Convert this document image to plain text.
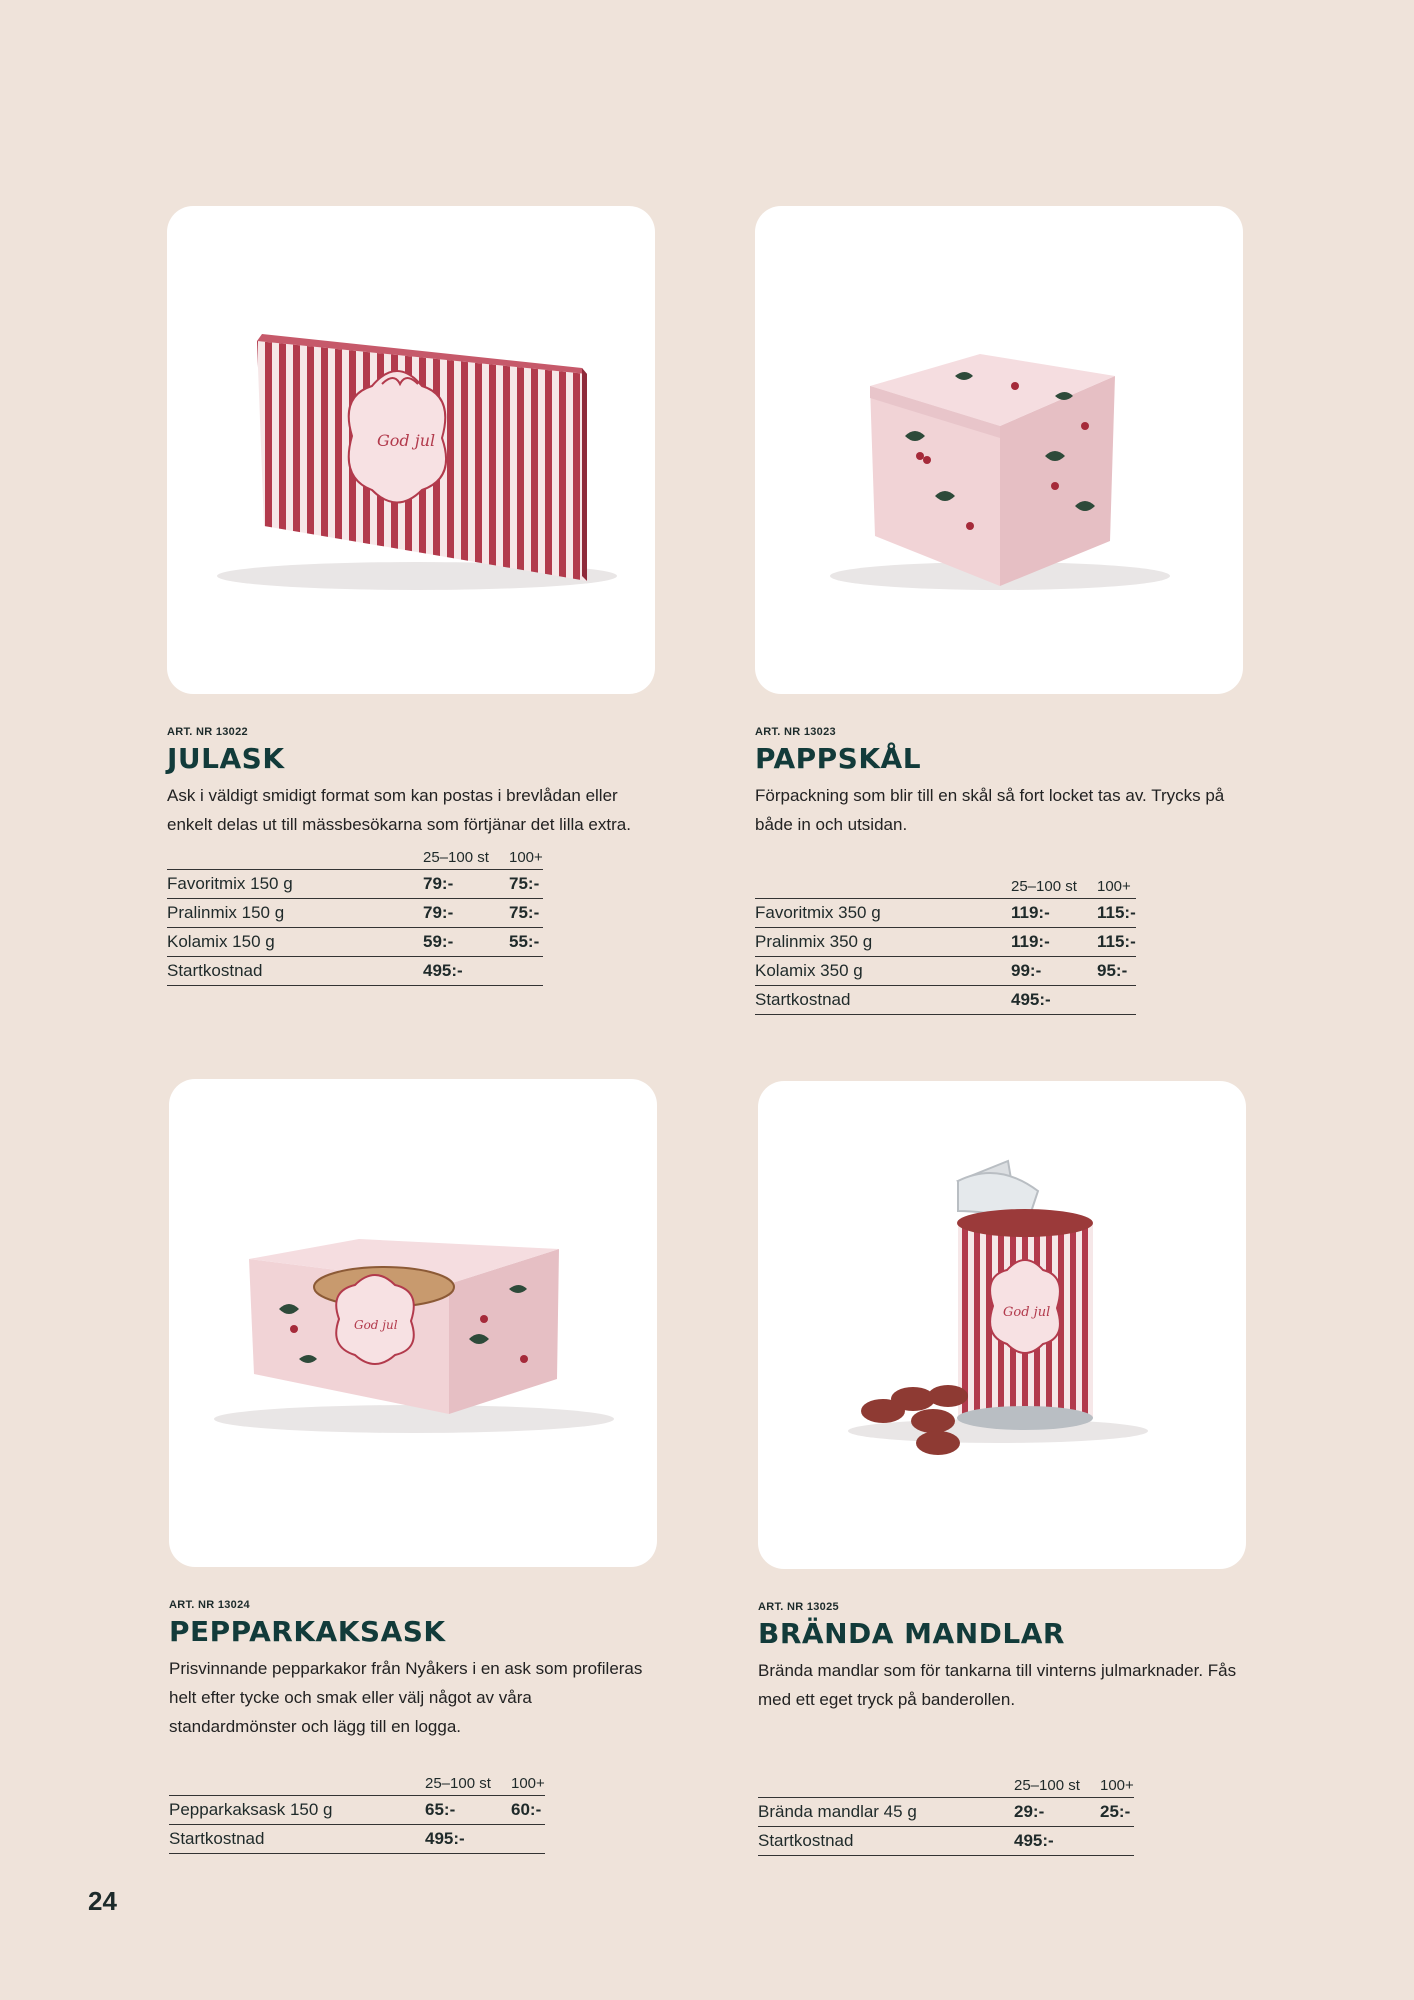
God jul
ART. NR 13022
JULASK
Ask i väldigt smidigt format som kan postas i brevlådan eller enkelt delas ut till mässbesökarna som förtjänar det lilla extra.
	25–100 st	100+
Favoritmix 150 g	79:-	75:-
Pralinmix 150 g	79:-	75:-
Kolamix 150 g	59:-	55:-
Startkostnad	495:-	
ART. NR 13023
PAPPSKÅL
Förpackning som blir till en skål så fort locket tas av. Trycks på både in och utsidan.
	25–100 st	100+
Favoritmix 350 g	119:-	115:-
Pralinmix 350 g	119:-	115:-
Kolamix 350 g	99:-	95:-
Startkostnad	495:-	
God jul
ART. NR 13024
PEPPARKAKSASK
Prisvinnande pepparkakor från Nyåkers i en ask som profileras helt efter tycke och smak eller välj något av våra standardmönster och lägg till en logga.
	25–100 st	100+
Pepparkaksask 150 g	65:-	60:-
Startkostnad	495:-	
God jul
ART. NR 13025
BRÄNDA MANDLAR
Brända mandlar som för tankarna till vinterns julmarknader. Fås med ett eget tryck på banderollen.
	25–100 st	100+
Brända mandlar 45 g	29:-	25:-
Startkostnad	495:-	
24
